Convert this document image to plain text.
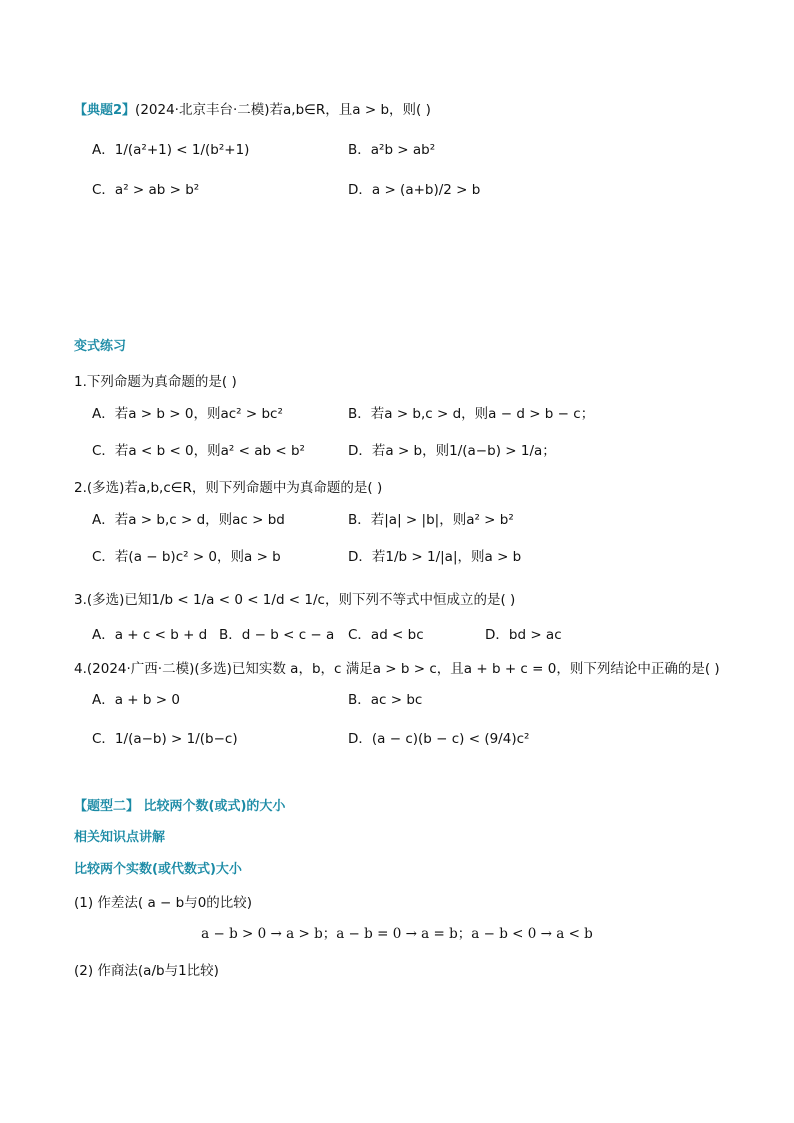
【典题2】(2024·北京丰台·二模)若a,b∈R，且a > b，则( )
A．1/(a²+1) < 1/(b²+1)	B．a²b > ab²
C．a² > ab > b²	D．a > (a+b)/2 > b
变式练习
1.下列命题为真命题的是( )
A．若a > b > 0，则ac² > bc²	B．若a > b,c > d，则a − d > b − c；
C．若a < b < 0，则a² < ab < b²	D．若a > b，则1/(a−b) > 1/a；
2.(多选)若a,b,c∈R，则下列命题中为真命题的是( )
A．若a > b,c > d，则ac > bd	B．若|a| > |b|，则a² > b²
C．若(a − b)c² > 0，则a > b	D．若1/b > 1/|a|，则a > b
3.(多选)已知1/b < 1/a < 0 < 1/d < 1/c，则下列不等式中恒成立的是( )
A．a + c < b + d B．d − b < c − a C．ad < bc	D．bd > ac
4.(2024·广西·二模)(多选)已知实数 a，b，c 满足a > b > c，且a + b + c = 0，则下列结论中正确的是( )
A．a + b > 0	B．ac > bc
C．1/(a−b) > 1/(b−c)	D．(a − c)(b − c) < (9/4)c²
【题型二】 比较两个数(或式)的大小
相关知识点讲解
比较两个实数(或代数式)大小
(1) 作差法( a − b与0的比较)
a − b > 0 → a > b；a − b = 0 → a = b；a − b < 0 → a < b
(2) 作商法(a/b与1比较)
